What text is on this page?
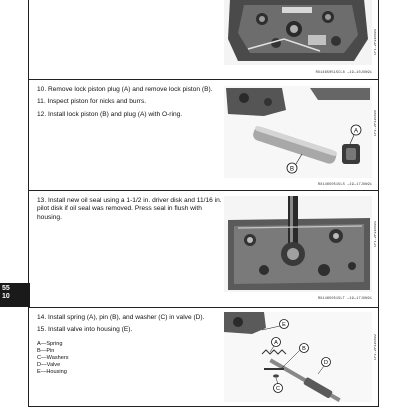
LPI-2P116891
RX14650515CL8 —19—10JUN91

10. Remove lock piston plug (A) and remove lock piston (B).

11. Inspect piston for nicks and burrs.

12. Install lock piston (B) and plug (A) with O-ring.

A
B
LPI-2P116890
RX14650515LS —19—17JUN91

13. Install new oil seal using a 1-1/2 in. driver disk and 11/16 in. pilot disk if oil seal was removed. Press seal in flush with housing.

LPI-2P116891
RX14650515LT —19—17JUN91

14. Install spring (A), pin (B), and washer (C) in valve (D).

15. Install valve into housing (E).

A—Spring
B—Pin
C—Washers
D—Valve
E—Housing
E
A
B
C
D
LPI-2P116892
55
10
